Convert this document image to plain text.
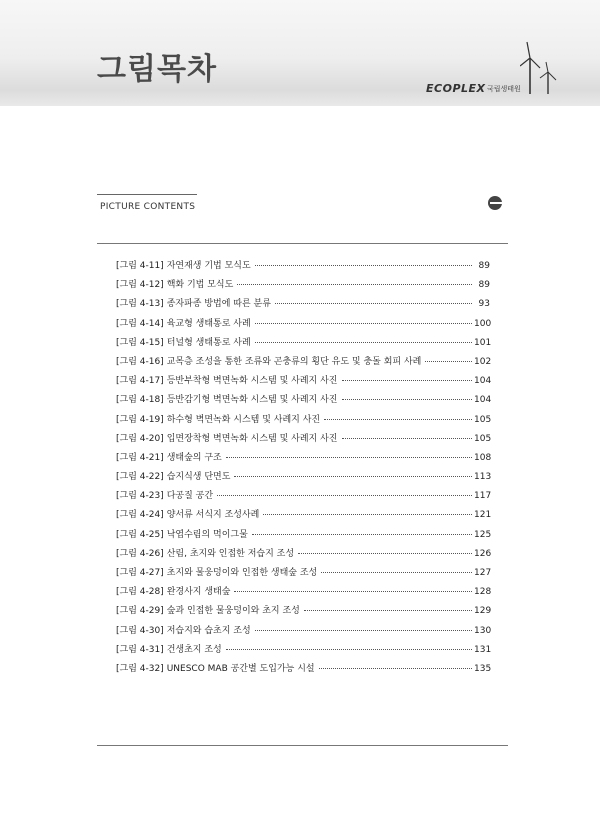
그림목차
ECOPLEX 국립생태원
PICTURE CONTENTS
[그림 4-11] 자연재생 기법 모식도	89
[그림 4-12] 핵화 기법 모식도	89
[그림 4-13] 종자파종 방법에 따른 분류	93
[그림 4-14] 육교형 생태통로 사례	100
[그림 4-15] 터널형 생태통로 사례	101
[그림 4-16] 교목층 조성을 통한 조류와 곤충류의 횡단 유도 및 충돌 회피 사례	102
[그림 4-17] 등반부착형 벽면녹화 시스템 및 사례지 사진	104
[그림 4-18] 등반감기형 벽면녹화 시스템 및 사례지 사진	104
[그림 4-19] 하수형 벽면녹화 시스템 및 사례지 사진	105
[그림 4-20] 입면장착형 벽면녹화 시스템 및 사례지 사진	105
[그림 4-21] 생태숲의 구조	108
[그림 4-22] 습지식생 단면도	113
[그림 4-23] 다공질 공간	117
[그림 4-24] 양서류 서식지 조성사례	121
[그림 4-25] 낙엽수림의 먹이그물	125
[그림 4-26] 산림, 초지와 인접한 저습지 조성	126
[그림 4-27] 초지와 물웅덩이와 인접한 생태숲 조성	127
[그림 4-28] 완경사지 생태숲	128
[그림 4-29] 숲과 인접한 물웅덩이와 초지 조성	129
[그림 4-30] 저습지와 습초지 조성	130
[그림 4-31] 건생초지 조성	131
[그림 4-32] UNESCO MAB 공간별 도입가능 시설	135
